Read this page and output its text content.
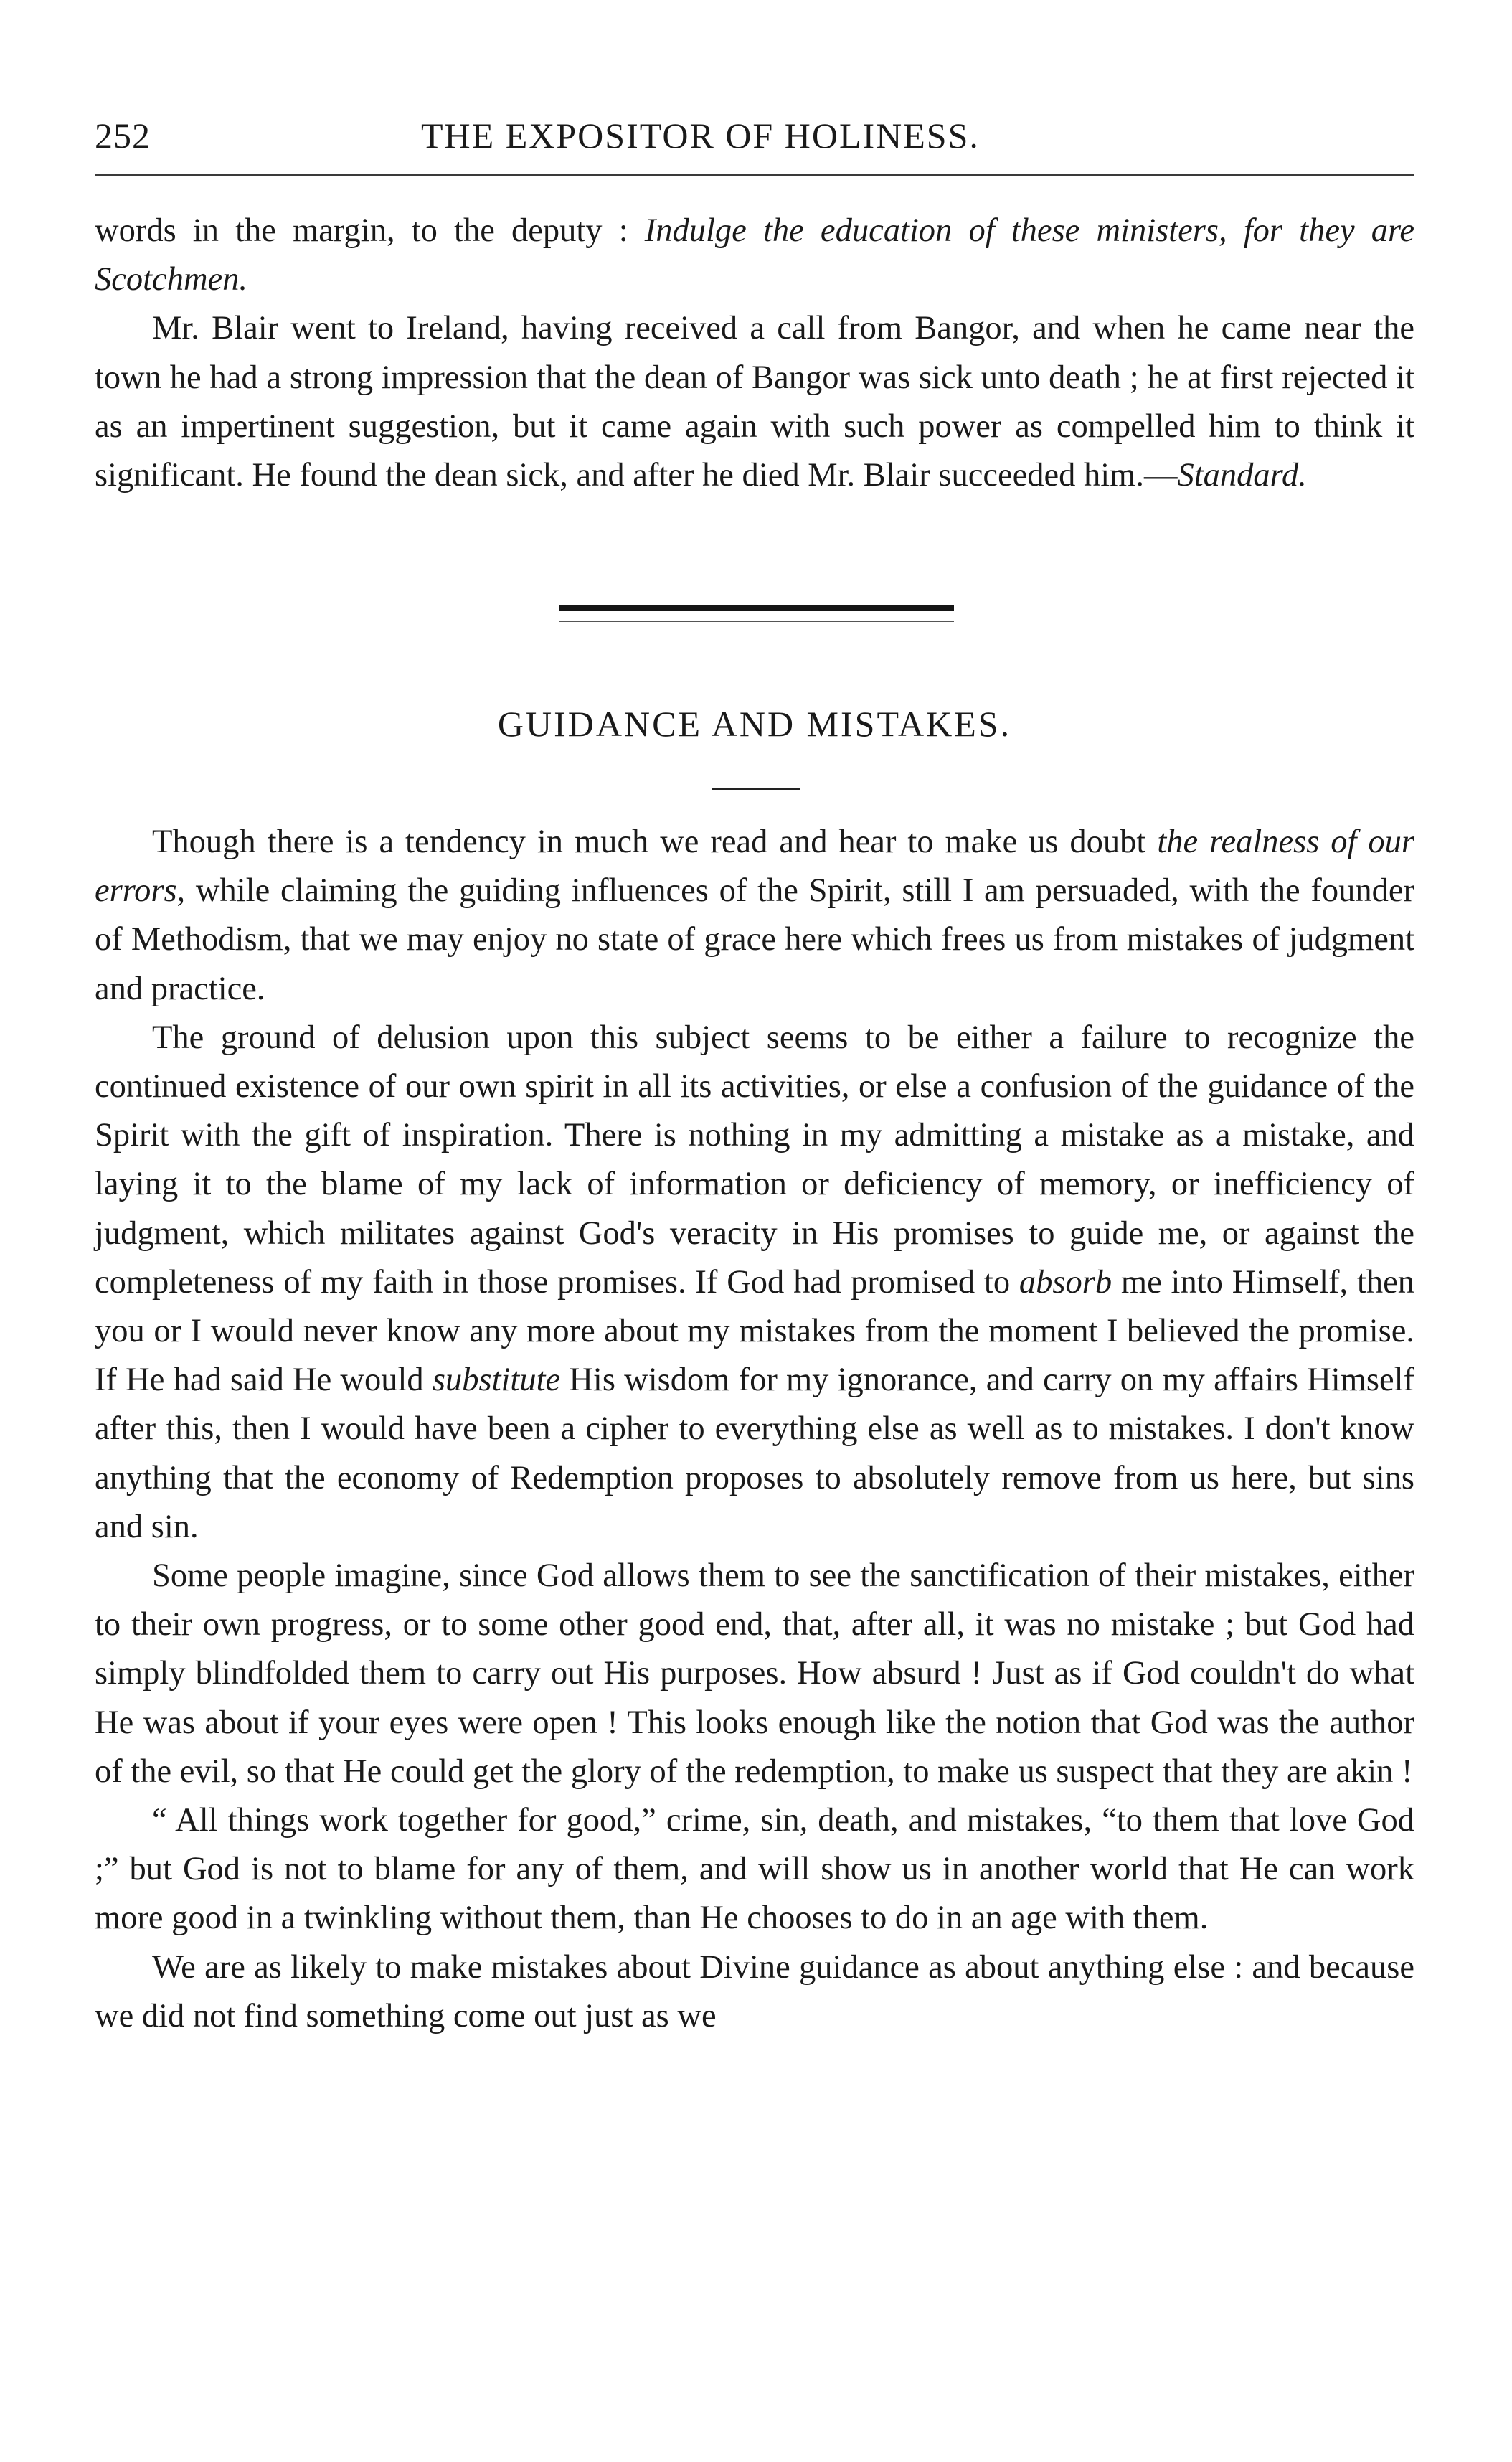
252	THE EXPOSITOR OF HOLINESS.

words in the margin, to the deputy : Indulge the education of these ministers, for they are Scotchmen.

Mr. Blair went to Ireland, having received a call from Bangor, and when he came near the town he had a strong impression that the dean of Bangor was sick unto death ; he at first rejected it as an impertinent suggestion, but it came again with such power as compelled him to think it significant. He found the dean sick, and after he died Mr. Blair succeeded him.—Standard.

GUIDANCE AND MISTAKES.

Though there is a tendency in much we read and hear to make us doubt the realness of our errors, while claiming the guiding influences of the Spirit, still I am persuaded, with the founder of Methodism, that we may enjoy no state of grace here which frees us from mistakes of judgment and practice.

The ground of delusion upon this subject seems to be either a failure to recognize the continued existence of our own spirit in all its activities, or else a confusion of the guidance of the Spirit with the gift of inspiration. There is nothing in my admitting a mistake as a mistake, and laying it to the blame of my lack of information or deficiency of memory, or inefficiency of judgment, which militates against God's veracity in His promises to guide me, or against the completeness of my faith in those promises. If God had promised to absorb me into Himself, then you or I would never know any more about my mistakes from the moment I believed the promise. If He had said He would substitute His wisdom for my ignorance, and carry on my affairs Himself after this, then I would have been a cipher to everything else as well as to mistakes. I don't know anything that the economy of Redemption proposes to absolutely remove from us here, but sins and sin.

Some people imagine, since God allows them to see the sanctification of their mistakes, either to their own progress, or to some other good end, that, after all, it was no mistake ; but God had simply blindfolded them to carry out His purposes. How absurd ! Just as if God couldn't do what He was about if your eyes were open ! This looks enough like the notion that God was the author of the evil, so that He could get the glory of the redemption, to make us suspect that they are akin !

“ All things work together for good,” crime, sin, death, and mistakes, “to them that love God ;” but God is not to blame for any of them, and will show us in another world that He can work more good in a twinkling without them, than He chooses to do in an age with them.

We are as likely to make mistakes about Divine guidance as about anything else : and because we did not find something come out just as we
